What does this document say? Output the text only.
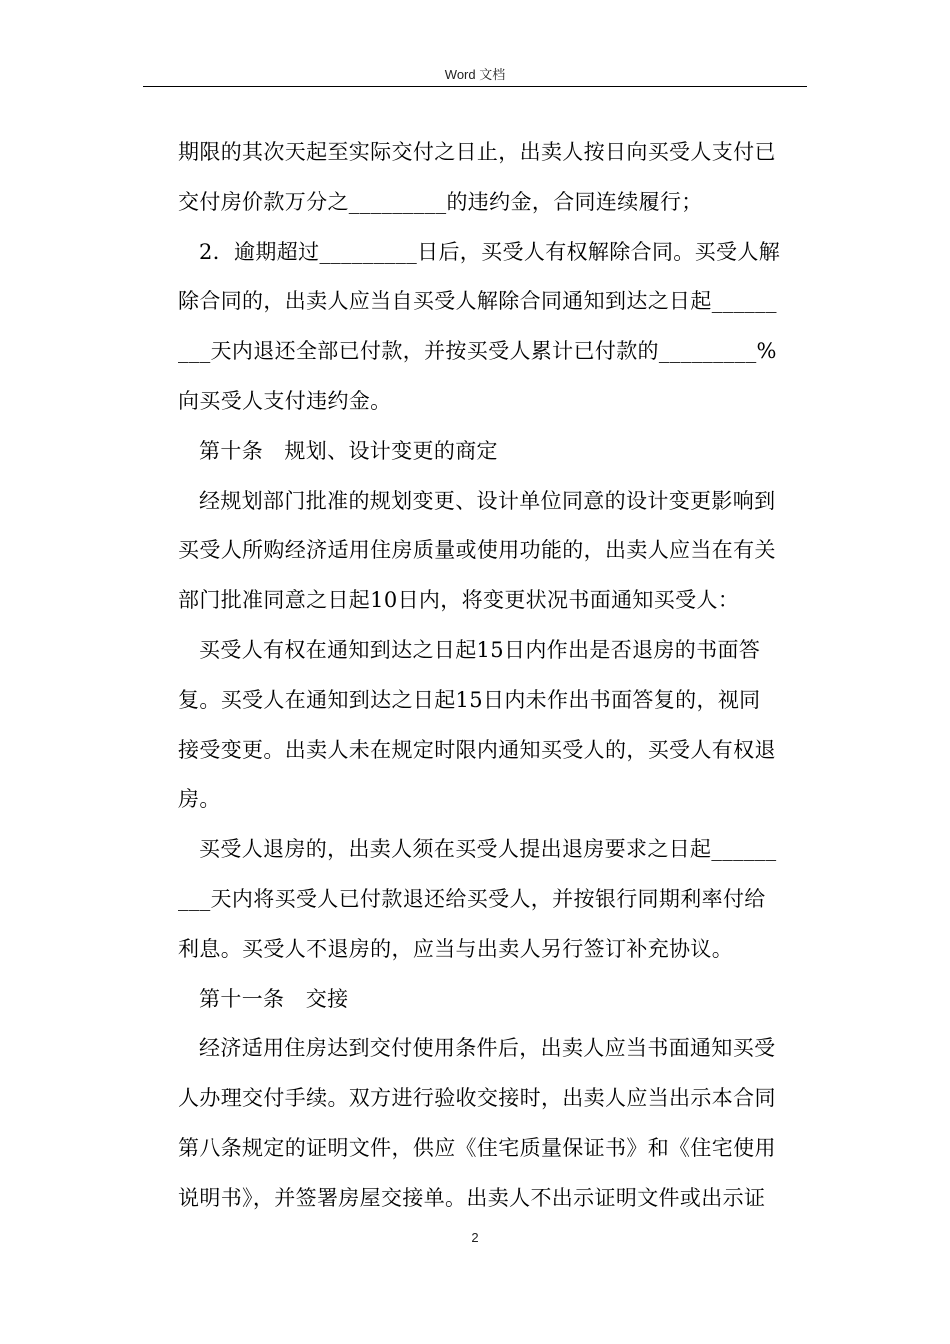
Word 文档
期限的其次天起至实际交付之日止，出卖人按日向买受人支付已
交付房价款万分之_________的违约金，合同连续履行；
2．逾期超过_________日后，买受人有权解除合同。买受人解
除合同的，出卖人应当自买受人解除合同通知到达之日起______
___天内退还全部已付款，并按买受人累计已付款的_________%
向买受人支付违约金。
第十条　规划、设计变更的商定
经规划部门批准的规划变更、设计单位同意的设计变更影响到
买受人所购经济适用住房质量或使用功能的，出卖人应当在有关
部门批准同意之日起10日内，将变更状况书面通知买受人：
买受人有权在通知到达之日起15日内作出是否退房的书面答
复。买受人在通知到达之日起15日内未作出书面答复的，视同
接受变更。出卖人未在规定时限内通知买受人的，买受人有权退
房。
买受人退房的，出卖人须在买受人提出退房要求之日起______
___天内将买受人已付款退还给买受人，并按银行同期利率付给
利息。买受人不退房的，应当与出卖人另行签订补充协议。
第十一条　交接
经济适用住房达到交付使用条件后，出卖人应当书面通知买受
人办理交付手续。双方进行验收交接时，出卖人应当出示本合同
第八条规定的证明文件，供应《住宅质量保证书》和《住宅使用
说明书》，并签署房屋交接单。出卖人不出示证明文件或出示证
2
